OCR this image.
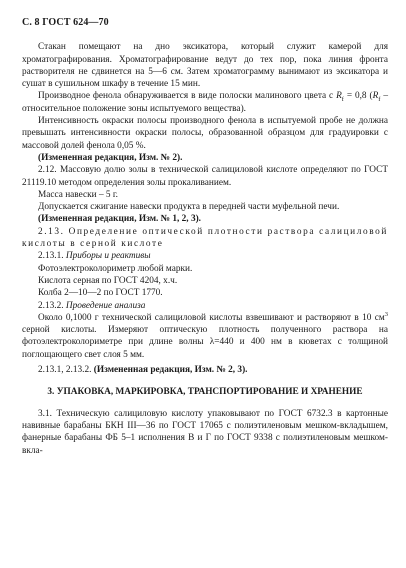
С. 8 ГОСТ 624—70

Стакан помещают на дно эксикатора, который служит камерой для хроматографирования. Хроматографирование ведут до тех пор, пока линия фронта растворителя не сдвинется на 5—6 см. Затем хроматограмму вынимают из эксикатора и сушат в сушильном шкафу в течение 15 мин.

Производное фенола обнаруживается в виде полоски малинового цвета с $R_f = 0,8$ ($R_f$ – относительное положение зоны испытуемого вещества).

Интенсивность окраски полосы производного фенола в испытуемой пробе не должна превышать интенсивности окраски полосы, образованной образцом для градуировки с массовой долей фенола 0,05 %.

(Измененная редакция, Изм. № 2).

2.12. Массовую долю золы в технической салициловой кислоте определяют по ГОСТ 21119.10 методом определения золы прокаливанием.

Масса навески – 5 г.

Допускается сжигание навески продукта в передней части муфельной печи.

(Измененная редакция, Изм. № 1, 2, 3).

2.13. Определение оптической плотности раствора салициловой кислоты в серной кислоте

2.13.1. Приборы и реактивы

Фотоэлектроколориметр любой марки.

Кислота серная по ГОСТ 4204, х.ч.

Колба 2—10—2 по ГОСТ 1770.

2.13.2. Проведение анализа

Около 0,1000 г технической салициловой кислоты взвешивают и растворяют в 10 $см^3$ серной кислоты. Измеряют оптическую плотность полученного раствора на фотоэлектроколориметре при длине волны λ=440 и 400 нм в кюветах с толщиной поглощающего свет слоя 5 мм.

2.13.1, 2.13.2. (Измененная редакция, Изм. № 2, 3).

3. УПАКОВКА, МАРКИРОВКА, ТРАНСПОРТИРОВАНИЕ И ХРАНЕНИЕ

3.1. Техническую салициловую кислоту упаковывают по ГОСТ 6732.3 в картонные навивные барабаны БКН III—36 по ГОСТ 17065 с полиэтиленовым мешком-вкладышем, фанерные барабаны ФБ 5–1 исполнения В и Г по ГОСТ 9338 с полиэтиленовым мешком-вкла-
